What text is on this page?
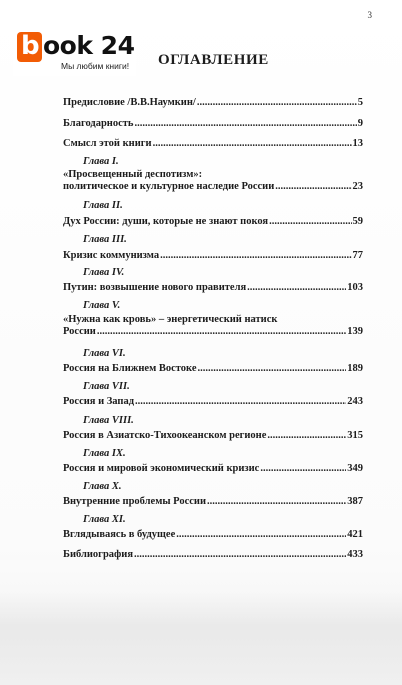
3
b ook 24
Мы любим книги! ОГЛАВЛЕНИЕ
Предисловие /В.В.Наумкин/ .....	5
Благодарность .....	9
Смысл этой книги .....	13
Глава I.
«Просвещенный деспотизм»:
политическое и культурное наследие России .....	23
Глава II.
Дух России: души, которые не знают покоя .....	59
Глава III.
Кризис коммунизма .....	77
Глава IV.
Путин: возвышение нового правителя .....	103
Глава V.
«Нужна как кровь» – энергетический натиск
России .....	139
Глава VI.
Россия на Ближнем Востоке .....	189
Глава VII.
Россия и Запад .....	243
Глава VIII.
Россия в Азиатско-Тихоокеанском регионе .....	315
Глава IX.
Россия и мировой экономический кризис .....	349
Глава X.
Внутренние проблемы России .....	387
Глава XI.
Вглядываясь в будущее .....	421
Библиография .....	433
